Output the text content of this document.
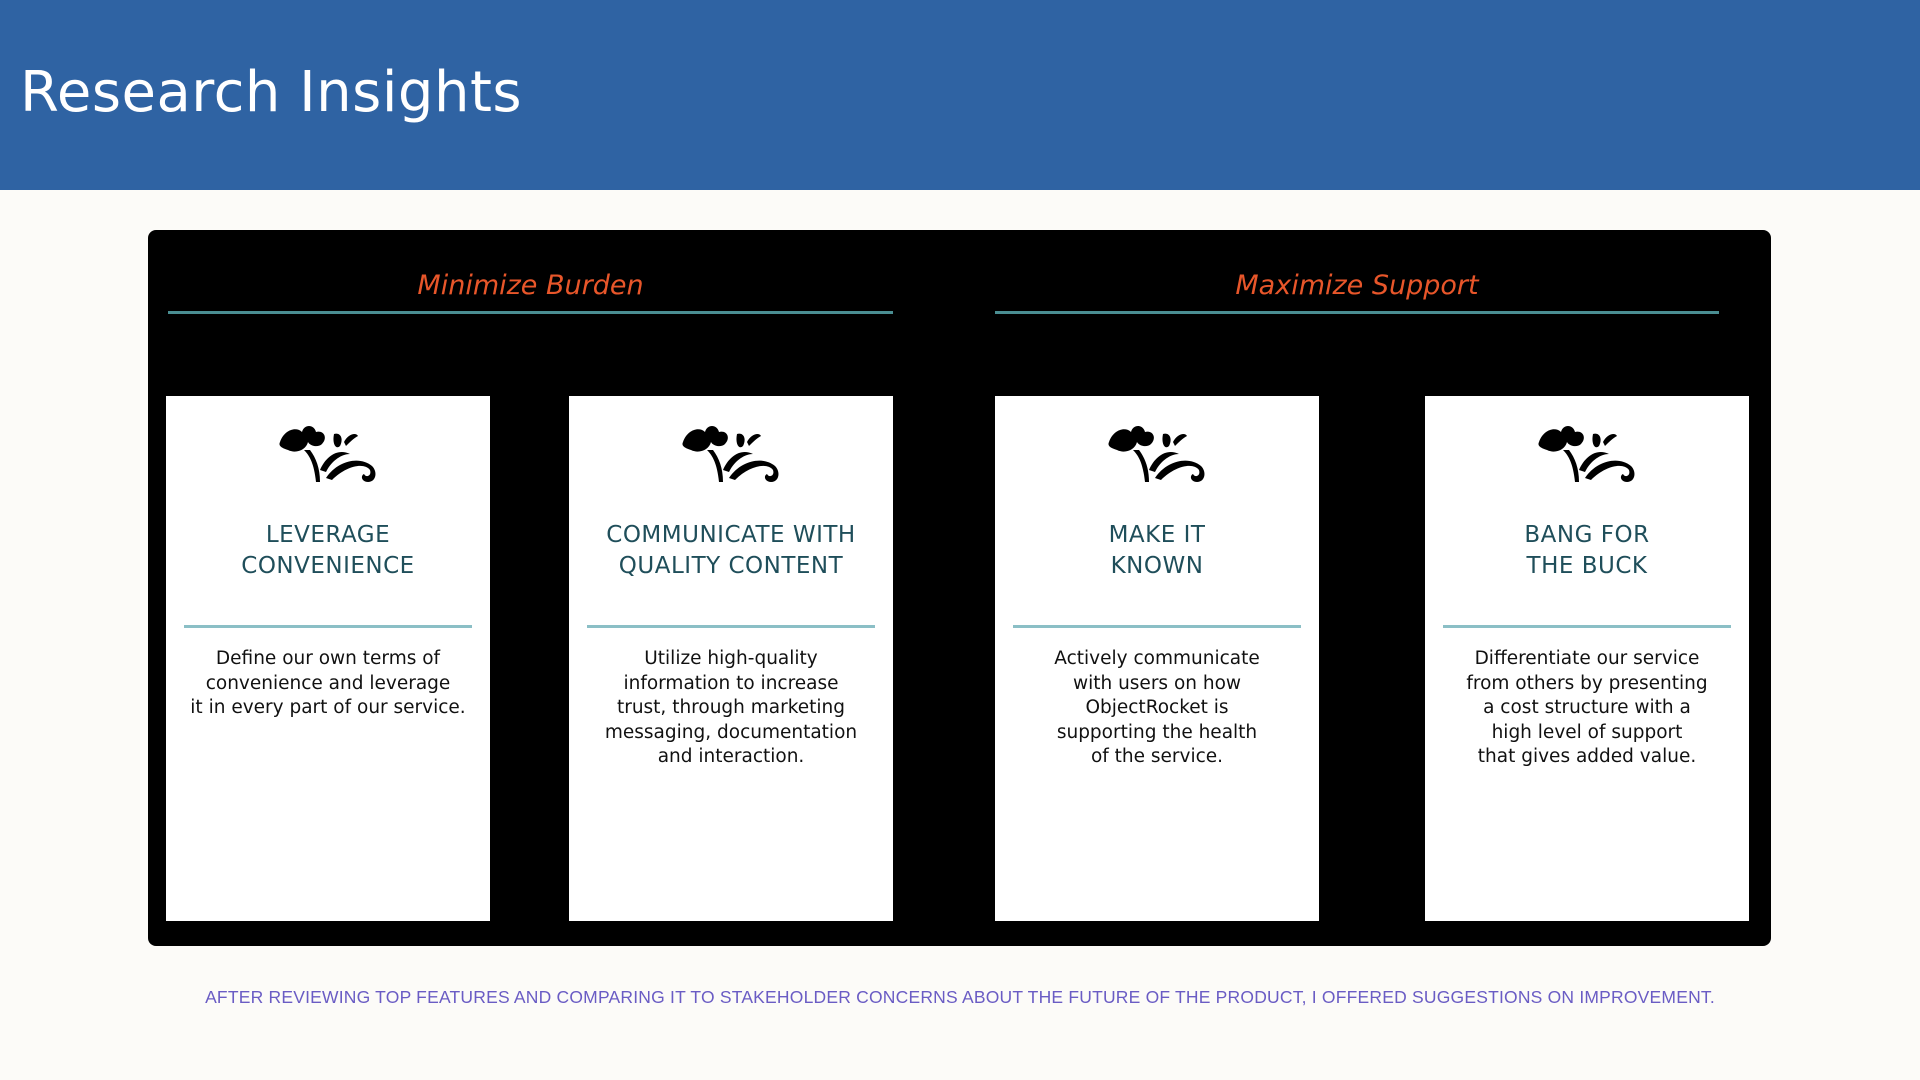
Research Insights
Minimize Burden	Maximize Support
LEVERAGE
CONVENIENCE
Define our own terms of
convenience and leverage
it in every part of our service.
COMMUNICATE WITH
QUALITY CONTENT
Utilize high-quality
information to increase
trust, through marketing
messaging, documentation
and interaction.
MAKE IT
KNOWN
Actively communicate
with users on how
ObjectRocket is
supporting the health
of the service.
BANG FOR
THE BUCK
Differentiate our service
from others by presenting
a cost structure with a
high level of support
that gives added value.
AFTER REVIEWING TOP FEATURES AND COMPARING IT TO STAKEHOLDER CONCERNS ABOUT THE FUTURE OF THE PRODUCT, I OFFERED SUGGESTIONS ON IMPROVEMENT.
